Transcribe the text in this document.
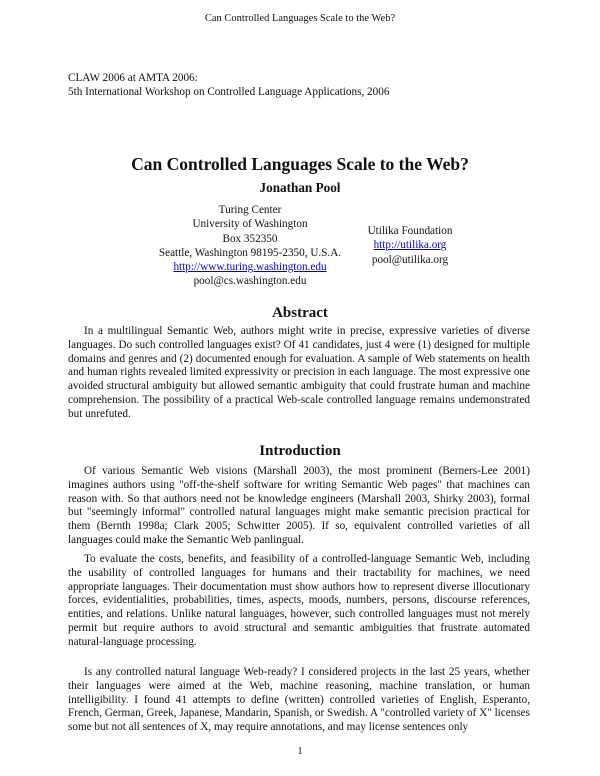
Can Controlled Languages Scale to the Web?
CLAW 2006 at AMTA 2006:
5th International Workshop on Controlled Language Applications, 2006
Can Controlled Languages Scale to the Web?
Jonathan Pool
Turing Center
University of Washington
Box 352350
Seattle, Washington 98195-2350, U.S.A.
http://www.turing.washington.edu
pool@cs.washington.edu
Utilika Foundation
http://utilika.org
pool@utilika.org
Abstract

In a multilingual Semantic Web, authors might write in precise, expressive varieties of diverse languages. Do such controlled languages exist? Of 41 candidates, just 4 were (1) designed for multiple domains and genres and (2) documented enough for evaluation. A sample of Web statements on health and human rights revealed limited expressivity or precision in each language. The most expressive one avoided structural ambiguity but allowed semantic ambiguity that could frustrate human and machine comprehension. The possibility of a practical Web-scale controlled language remains undemonstrated but unrefuted.

Introduction

Of various Semantic Web visions (Marshall 2003), the most prominent (Berners-Lee 2001) imagines authors using "off-the-shelf software for writing Semantic Web pages" that machines can reason with. So that authors need not be knowledge engineers (Marshall 2003, Shirky 2003), formal but "seemingly informal" controlled natural languages might make semantic precision practical for them (Bernth 1998a; Clark 2005; Schwitter 2005). If so, equivalent controlled varieties of all languages could make the Semantic Web panlingual.

To evaluate the costs, benefits, and feasibility of a controlled-language Semantic Web, including the usability of controlled languages for humans and their tractability for machines, we need appropriate languages. Their documentation must show authors how to represent diverse illocutionary forces, evidentialities, probabilities, times, aspects, moods, numbers, persons, discourse references, entities, and relations. Unlike natural languages, however, such controlled languages must not merely permit but require authors to avoid structural and semantic ambiguities that frustrate automated natural-language processing.

Is any controlled natural language Web-ready? I considered projects in the last 25 years, whether their languages were aimed at the Web, machine reasoning, machine translation, or human intelligibility. I found 41 attempts to define (written) controlled varieties of English, Esperanto, French, German, Greek, Japanese, Mandarin, Spanish, or Swedish. A "controlled variety of X" licenses some but not all sentences of X, may require annotations, and may license sentences only

1
